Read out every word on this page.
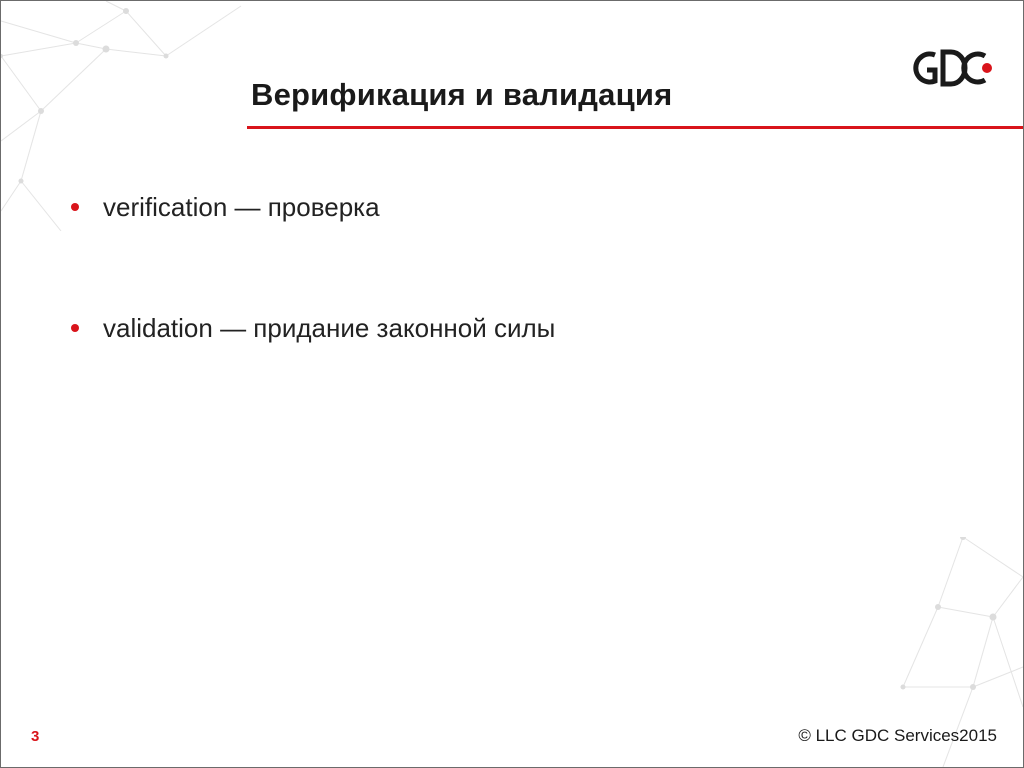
Верификация и валидация
verification — проверка
validation — придание законной силы
3	© LLC GDC Services2015
